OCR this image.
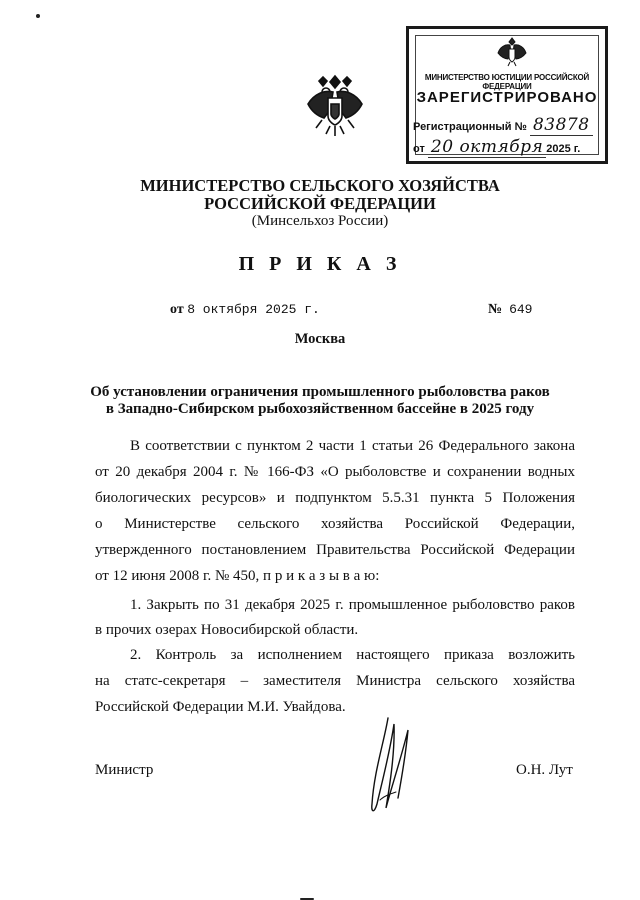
МИНИСТЕРСТВО ЮСТИЦИИ РОССИЙСКОЙ ФЕДЕРАЦИИ
ЗАРЕГИСТРИРОВАНО
Регистрационный № 83878
от 20 октября 2025 г.
МИНИСТЕРСТВО СЕЛЬСКОГО ХОЗЯЙСТВА
РОССИЙСКОЙ ФЕДЕРАЦИИ
(Минсельхоз России)
П Р И К А З
от 8 октября 2025 г.	№ 649
Москва
Об установлении ограничения промышленного рыболовства раков
в Западно-Сибирском рыбохозяйственном бассейне в 2025 году
В соответствии с пунктом 2 части 1 статьи 26 Федерального закона
от 20 декабря 2004 г. № 166-ФЗ «О рыболовстве и сохранении водных
биологических ресурсов» и подпунктом 5.5.31 пункта 5 Положения
о Министерстве сельского хозяйства Российской Федерации,
утвержденного постановлением Правительства Российской Федерации
от 12 июня 2008 г. № 450, п р и к а з ы в а ю:
1. Закрыть по 31 декабря 2025 г. промышленное рыболовство раков
в прочих озерах Новосибирской области.
2. Контроль за исполнением настоящего приказа возложить
на статс-секретаря – заместителя Министра сельского хозяйства
Российской Федерации М.И. Увайдова.
Министр	О.Н. Лут
